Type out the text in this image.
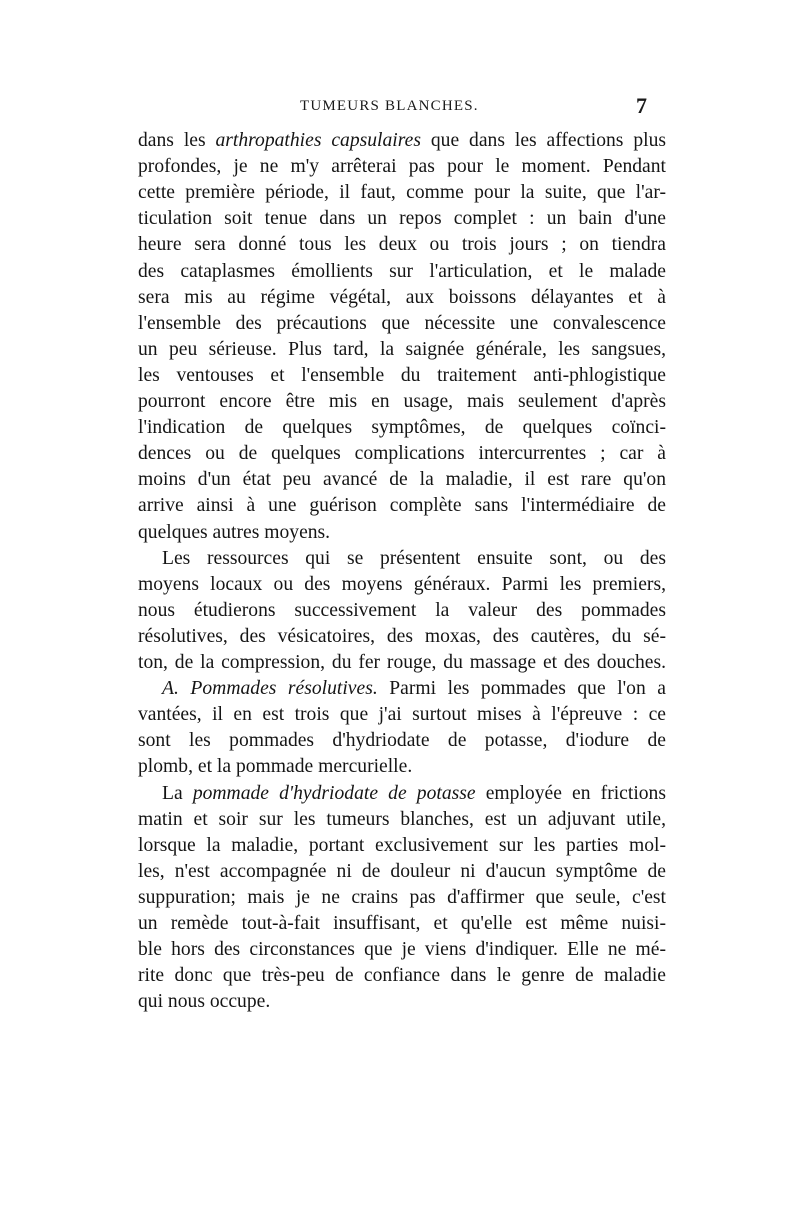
TUMEURS BLANCHES.	7
dans les arthropathies capsulaires que dans les affections plus
profondes, je ne m'y arrêterai pas pour le moment. Pendant
cette première période, il faut, comme pour la suite, que l'ar-
ticulation soit tenue dans un repos complet : un bain d'une
heure sera donné tous les deux ou trois jours ; on tiendra
des cataplasmes émollients sur l'articulation, et le malade
sera mis au régime végétal, aux boissons délayantes et à
l'ensemble des précautions que nécessite une convalescence
un peu sérieuse. Plus tard, la saignée générale, les sangsues,
les ventouses et l'ensemble du traitement anti-phlogistique
pourront encore être mis en usage, mais seulement d'après
l'indication de quelques symptômes, de quelques coïnci-
dences ou de quelques complications intercurrentes ; car à
moins d'un état peu avancé de la maladie, il est rare qu'on
arrive ainsi à une guérison complète sans l'intermédiaire de
quelques autres moyens.
Les ressources qui se présentent ensuite sont, ou des
moyens locaux ou des moyens généraux. Parmi les premiers,
nous étudierons successivement la valeur des pommades
résolutives, des vésicatoires, des moxas, des cautères, du sé-
ton, de la compression, du fer rouge, du massage et des douches.
A. Pommades résolutives. Parmi les pommades que l'on a
vantées, il en est trois que j'ai surtout mises à l'épreuve : ce
sont les pommades d'hydriodate de potasse, d'iodure de
plomb, et la pommade mercurielle.
La pommade d'hydriodate de potasse employée en frictions
matin et soir sur les tumeurs blanches, est un adjuvant utile,
lorsque la maladie, portant exclusivement sur les parties mol-
les, n'est accompagnée ni de douleur ni d'aucun symptôme de
suppuration; mais je ne crains pas d'affirmer que seule, c'est
un remède tout-à-fait insuffisant, et qu'elle est même nuisi-
ble hors des circonstances que je viens d'indiquer. Elle ne mé-
rite donc que très-peu de confiance dans le genre de maladie
qui nous occupe.
